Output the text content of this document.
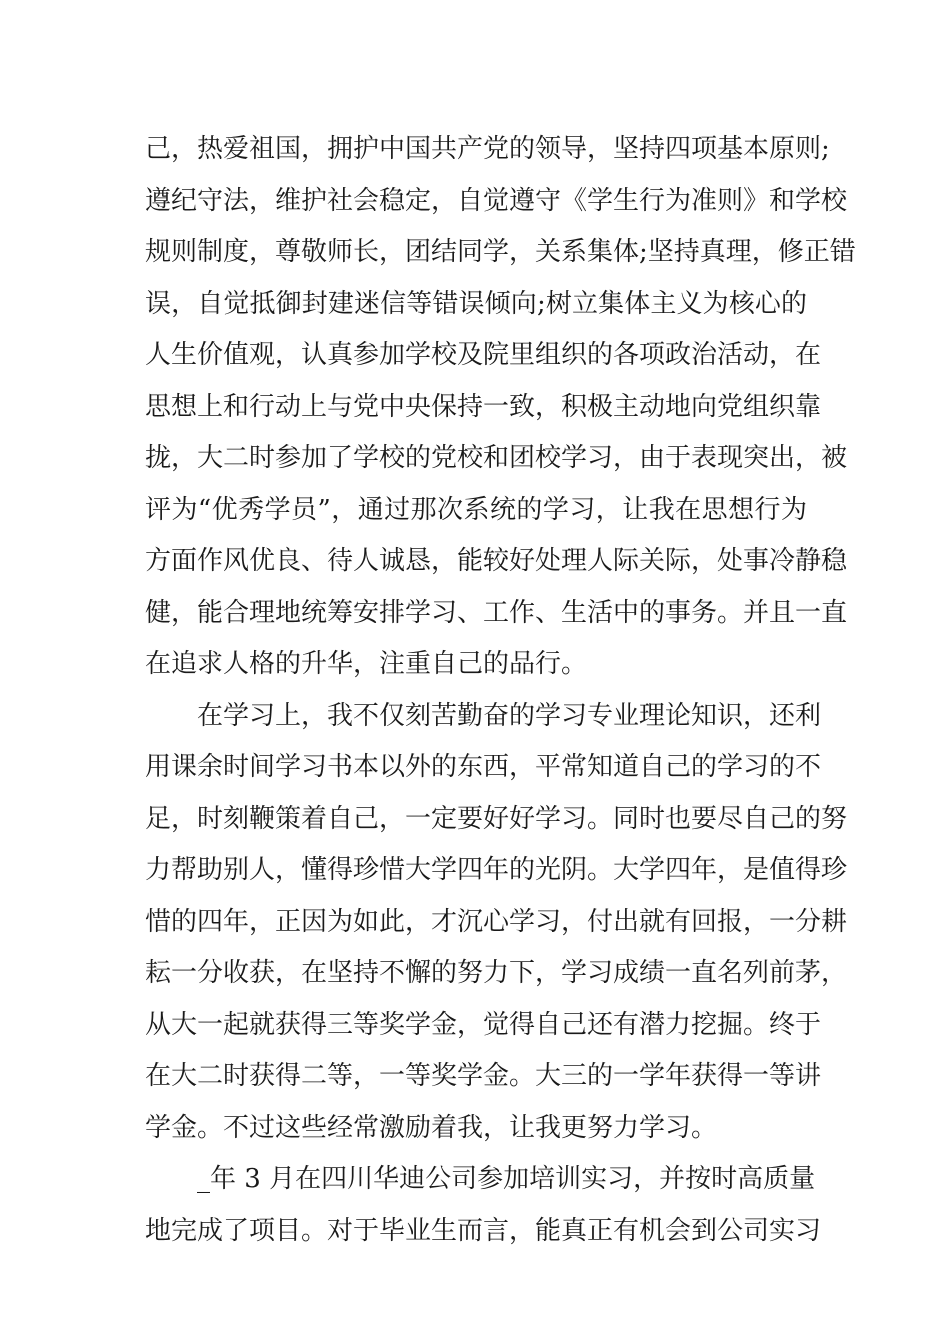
己，热爱祖国，拥护中国共产党的领导，坚持四项基本原则;
遵纪守法，维护社会稳定，自觉遵守《学生行为准则》和学校
规则制度，尊敬师长，团结同学，关系集体;坚持真理，修正错
误，自觉抵御封建迷信等错误倾向;树立集体主义为核心的
人生价值观，认真参加学校及院里组织的各项政治活动，在
思想上和行动上与党中央保持一致，积极主动地向党组织靠
拢，大二时参加了学校的党校和团校学习，由于表现突出，被
评为“优秀学员”，通过那次系统的学习，让我在思想行为
方面作风优良、待人诚恳，能较好处理人际关际，处事冷静稳
健，能合理地统筹安排学习、工作、生活中的事务。并且一直
在追求人格的升华，注重自己的品行。
在学习上，我不仅刻苦勤奋的学习专业理论知识，还利
用课余时间学习书本以外的东西，平常知道自己的学习的不
足，时刻鞭策着自己，一定要好好学习。同时也要尽自己的努
力帮助别人，懂得珍惜大学四年的光阴。大学四年，是值得珍
惜的四年，正因为如此，才沉心学习，付出就有回报，一分耕
耘一分收获，在坚持不懈的努力下，学习成绩一直名列前茅，
从大一起就获得三等奖学金，觉得自己还有潜力挖掘。终于
在大二时获得二等，一等奖学金。大三的一学年获得一等讲
学金。不过这些经常激励着我，让我更努力学习。
_年 3 月在四川华迪公司参加培训实习，并按时高质量
地完成了项目。对于毕业生而言，能真正有机会到公司实习
